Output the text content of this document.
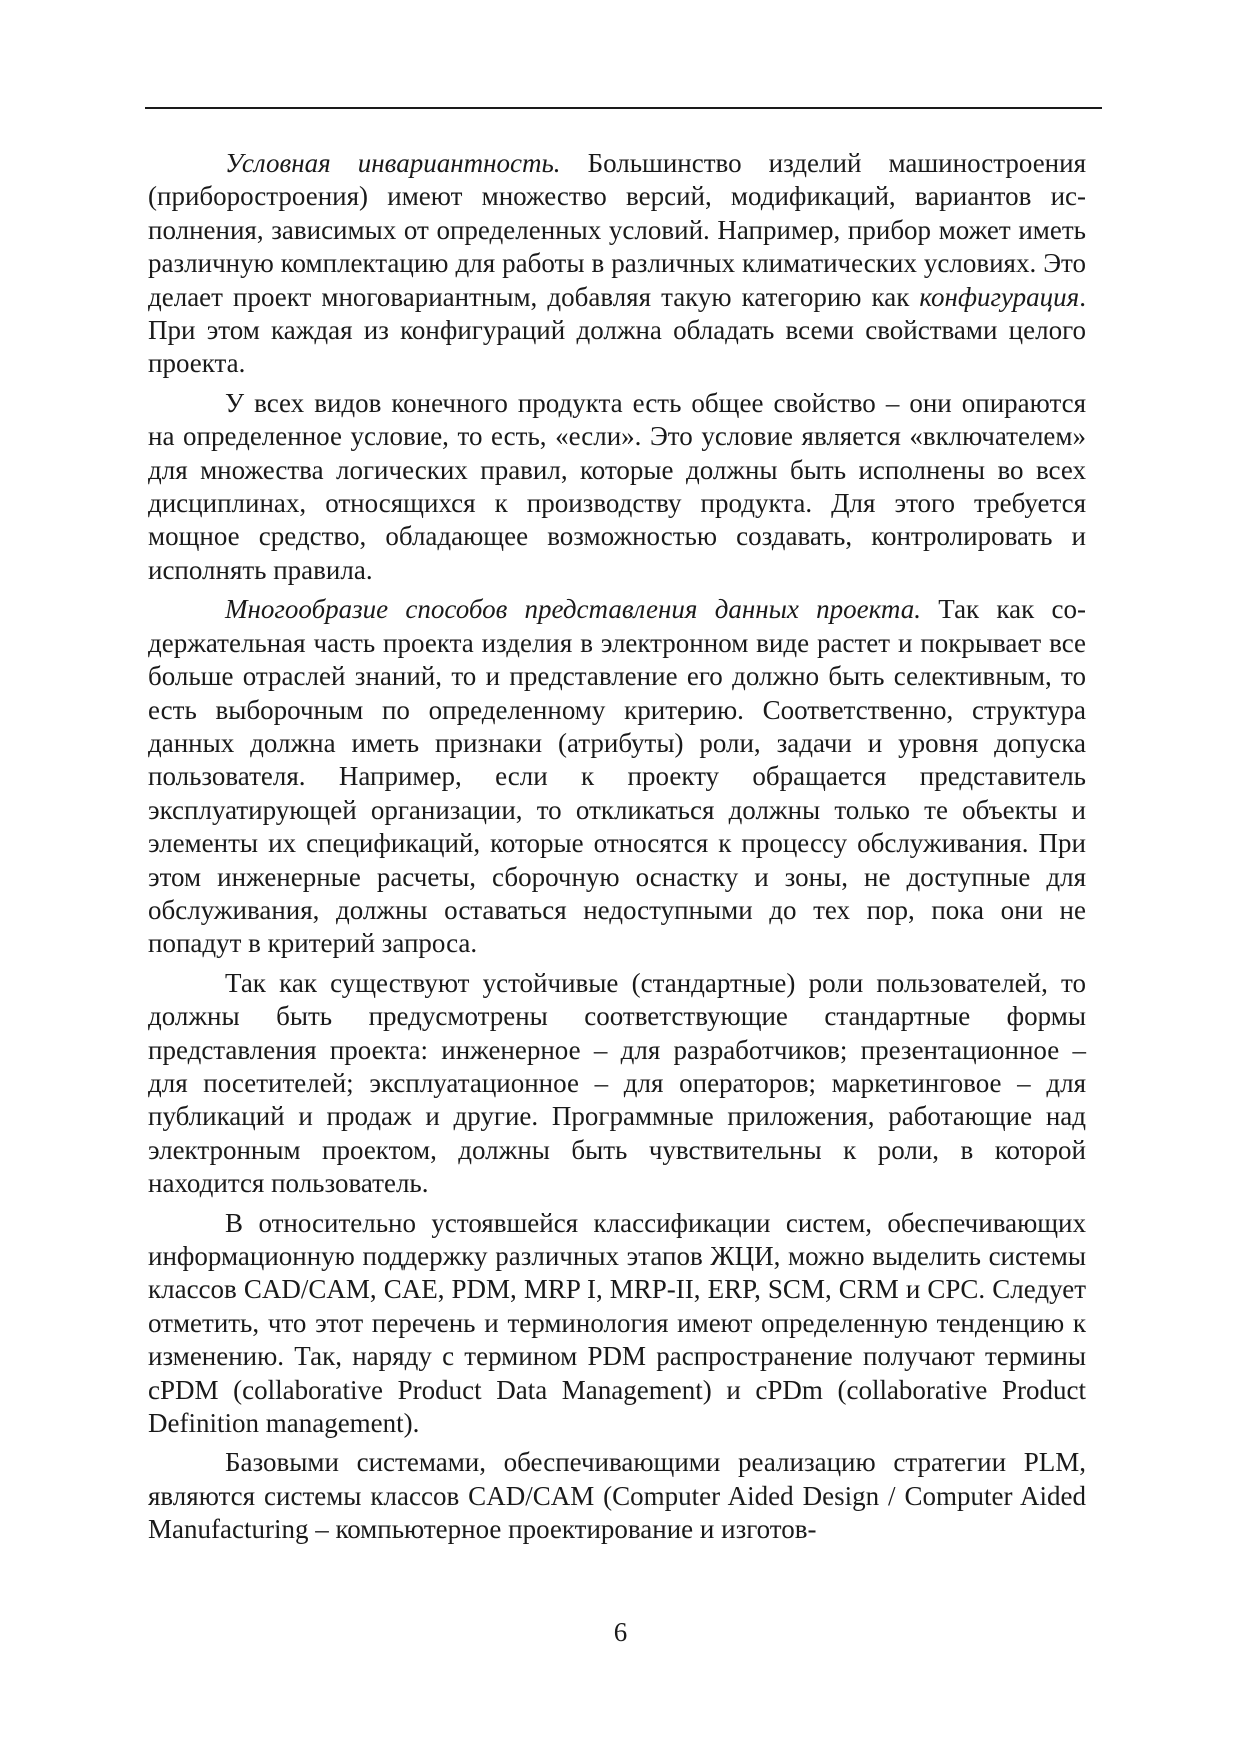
Условная инвариантность. Большинство изделий машиностроения (приборостроения) имеют множество версий, модификаций, вариантов исполнения, зависимых от определенных условий. Например, прибор может иметь различную комплектацию для работы в различных климатических условиях. Это делает проект многовариантным, добавляя такую категорию как конфигурация. При этом каждая из конфигураций должна обладать всеми свойствами целого проекта.

У всех видов конечного продукта есть общее свойство – они опираются на определенное условие, то есть, «если». Это условие является «включателем» для множества логических правил, которые должны быть исполнены во всех дисциплинах, относящихся к производству продукта. Для этого требуется мощное средство, обладающее возможностью создавать, контролировать и исполнять правила.

Многообразие способов представления данных проекта. Так как содержательная часть проекта изделия в электронном виде растет и покрывает все больше отраслей знаний, то и представление его должно быть селективным, то есть выборочным по определенному критерию. Соответственно, структура данных должна иметь признаки (атрибуты) роли, задачи и уровня допуска пользователя. Например, если к проекту обращается представитель эксплуатирующей организации, то откликаться должны только те объекты и элементы их спецификаций, которые относятся к процессу обслуживания. При этом инженерные расчеты, сборочную оснастку и зоны, не доступные для обслуживания, должны оставаться недоступными до тех пор, пока они не попадут в критерий запроса.

Так как существуют устойчивые (стандартные) роли пользователей, то должны быть предусмотрены соответствующие стандартные формы представления проекта: инженерное – для разработчиков; презентационное – для посетителей; эксплуатационное – для операторов; маркетинговое – для публикаций и продаж и другие. Программные приложения, работающие над электронным проектом, должны быть чувствительны к роли, в которой находится пользователь.

В относительно устоявшейся классификации систем, обеспечивающих информационную поддержку различных этапов ЖЦИ, можно выделить системы классов CAD/CAM, CAE, PDM, MRP I, MRP-II, ERP, SCM, CRM и CPC. Следует отметить, что этот перечень и терминология имеют определенную тенденцию к изменению. Так, наряду с термином PDM распространение получают термины cPDM (collaborative Product Data Management) и cPDm (collaborative Product Definition management).

Базовыми системами, обеспечивающими реализацию стратегии PLM, являются системы классов CAD/CAM (Computer Aided Design / Computer Aided Manufacturing – компьютерное проектирование и изготов-

6
